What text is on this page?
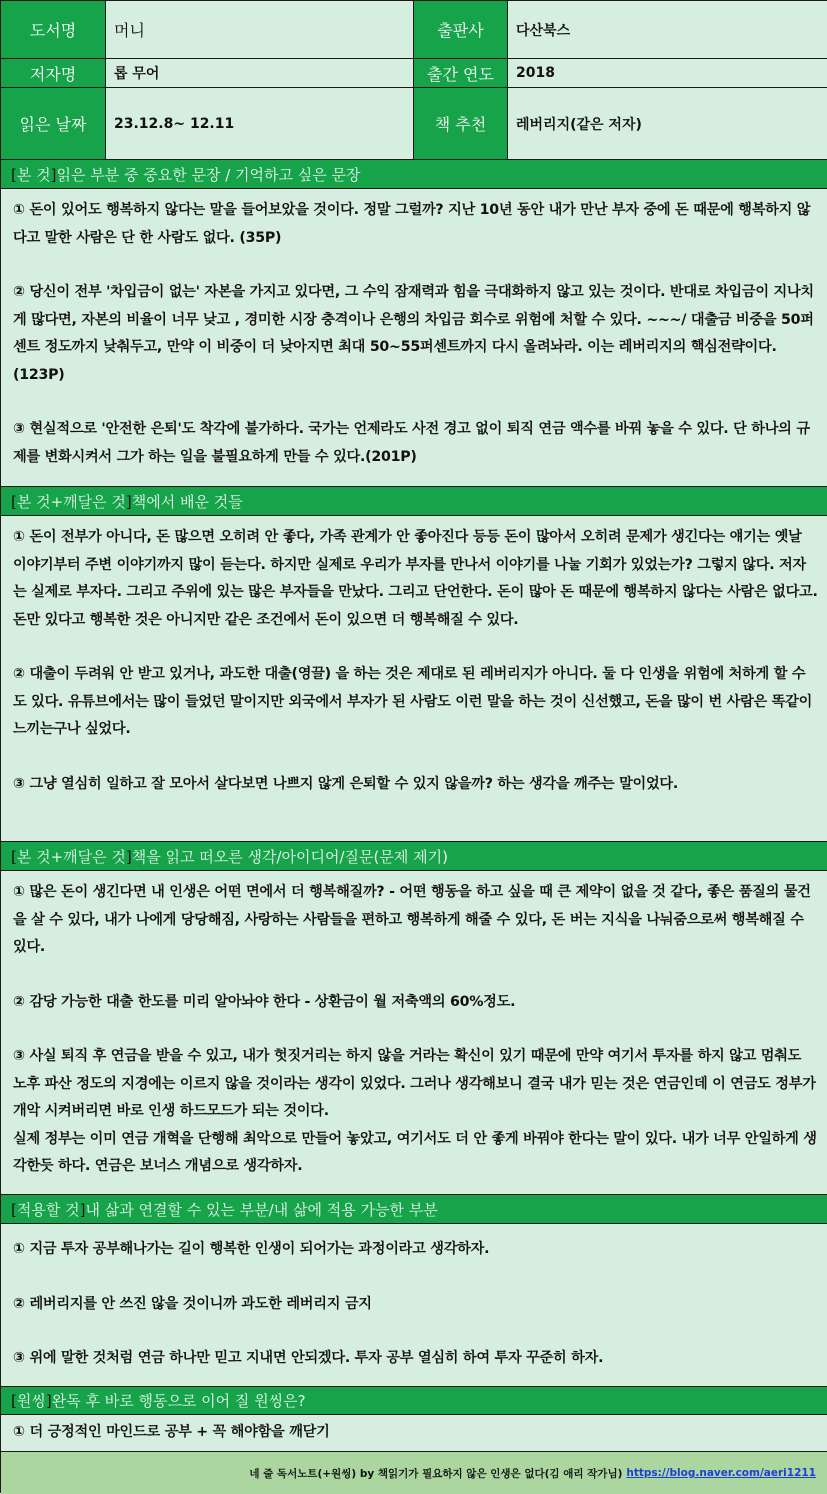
도서명	머니	출판사	다산북스
저자명	롭 무어	출간 연도	2018
읽은 날짜	23.12.8~ 12.11	책 추천	레버리지(같은 저자)
[본 것] 읽은 부분 중 중요한 문장 / 기억하고 싶은 문장
① 돈이 있어도 행복하지 않다는 말을 들어보았을 것이다. 정말 그럴까? 지난 10년 동안 내가 만난 부자 중에 돈 때문에 행복하지 않다고 말한 사람은 단 한 사람도 없다. (35P)
② 당신이 전부 '차입금이 없는' 자본을 가지고 있다면, 그 수익 잠재력과 힘을 극대화하지 않고 있는 것이다. 반대로 차입금이 지나치게 많다면, 자본의 비율이 너무 낮고 , 경미한 시장 충격이나 은행의 차입금 회수로 위험에 처할 수 있다. ~~~/ 대출금 비중을 50퍼센트 정도까지 낮춰두고, 만약 이 비중이 더 낮아지면 최대 50~55퍼센트까지 다시 올려놔라. 이는 레버리지의 핵심전략이다.(123P)
③ 현실적으로 '안전한 은퇴'도 착각에 불가하다. 국가는 언제라도 사전 경고 없이 퇴직 연금 액수를 바꿔 놓을 수 있다. 단 하나의 규제를 변화시켜서 그가 하는 일을 불필요하게 만들 수 있다.(201P)
[본 것+깨달은 것] 책에서 배운 것들
① 돈이 전부가 아니다, 돈 많으면 오히려 안 좋다, 가족 관계가 안 좋아진다 등등 돈이 많아서 오히려 문제가 생긴다는 얘기는 옛날 이야기부터 주변 이야기까지 많이 듣는다. 하지만 실제로 우리가 부자를 만나서 이야기를 나눌 기회가 있었는가? 그렇지 않다. 저자는 실제로 부자다. 그리고 주위에 있는 많은 부자들을 만났다. 그리고 단언한다. 돈이 많아 돈 때문에 행복하지 않다는 사람은 없다고.
돈만 있다고 행복한 것은 아니지만 같은 조건에서 돈이 있으면 더 행복해질 수 있다.
② 대출이 두려워 안 받고 있거나, 과도한 대출(영끌) 을 하는 것은 제대로 된 레버리지가 아니다. 둘 다 인생을 위험에 처하게 할 수도 있다. 유튜브에서는 많이 들었던 말이지만 외국에서 부자가 된 사람도 이런 말을 하는 것이 신선했고, 돈을 많이 번 사람은 똑같이 느끼는구나 싶었다.
③ 그냥 열심히 일하고 잘 모아서 살다보면 나쁘지 않게 은퇴할 수 있지 않을까? 하는 생각을 깨주는 말이었다.
[본 것+깨달은 것] 책을 읽고 떠오른 생각/아이디어/질문(문제 제기)
① 많은 돈이 생긴다면 내 인생은 어떤 면에서 더 행복해질까? - 어떤 행동을 하고 싶을 때 큰 제약이 없을 것 같다, 좋은 품질의 물건을 살 수 있다, 내가 나에게 당당해짐, 사랑하는 사람들을 편하고 행복하게 해줄 수 있다, 돈 버는 지식을 나눠줌으로써 행복해질 수 있다.
② 감당 가능한 대출 한도를 미리 알아놔야 한다 - 상환금이 월 저축액의 60%정도.
③ 사실 퇴직 후 연금을 받을 수 있고, 내가 헛짓거리는 하지 않을 거라는 확신이 있기 때문에 만약 여기서 투자를 하지 않고 멈춰도 노후 파산 정도의 지경에는 이르지 않을 것이라는 생각이 있었다. 그러나 생각해보니 결국 내가 믿는 것은 연금인데 이 연금도 정부가 개악 시켜버리면 바로 인생 하드모드가 되는 것이다.
실제 정부는 이미 연금 개혁을 단행해 최악으로 만들어 놓았고, 여기서도 더 안 좋게 바꿔야 한다는 말이 있다. 내가 너무 안일하게 생각한듯 하다. 연금은 보너스 개념으로 생각하자.
[적용할 것] 내 삶과 연결할 수 있는 부분/내 삶에 적용 가능한 부분
① 지금 투자 공부해나가는 길이 행복한 인생이 되어가는 과정이라고 생각하자.
② 레버리지를 안 쓰진 않을 것이니까 과도한 레버리지 금지
③ 위에 말한 것처럼 연금 하나만 믿고 지내면 안되겠다. 투자 공부 열심히 하여 투자 꾸준히 하자.
[원씽] 완독 후 바로 행동으로 이어 질 원씽은?
① 더 긍정적인 마인드로 공부 + 꼭 해야함을 깨닫기
네 줄 독서노트(+원씽) by 책읽기가 필요하지 않은 인생은 없다(김 애리 작가님) https://blog.naver.com/aeri1211
